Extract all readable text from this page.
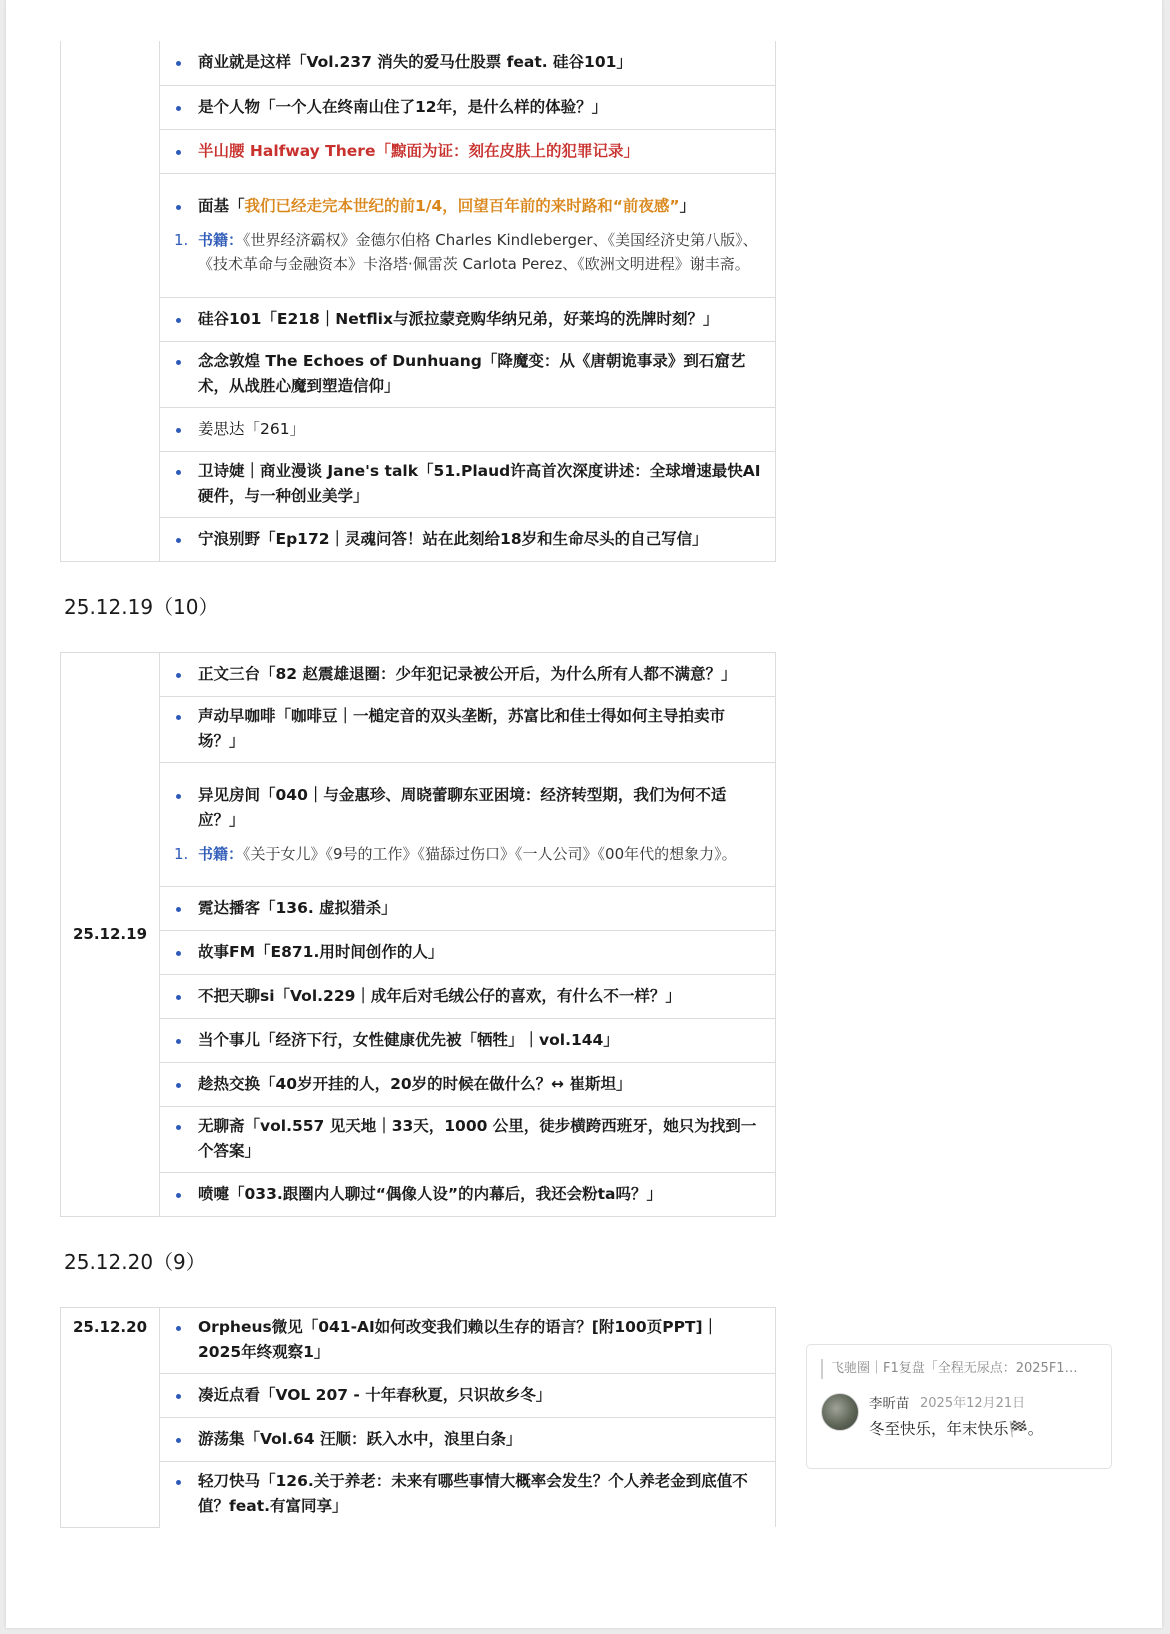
商业就是这样「Vol.237 消失的爱马仕股票 feat. 硅谷101」

是个人物「一个人在终南山住了12年，是什么样的体验？」

半山腰 Halfway There「黥面为证：刻在皮肤上的犯罪记录」

面基「我们已经走完本世纪的前1/4，回望百年前的来时路和“前夜感”」
1. 书籍：《世界经济霸权》金德尔伯格 Charles Kindleberger、《美国经济史第八版》、《技术革命与金融资本》卡洛塔·佩雷茨 Carlota Perez、《欧洲文明进程》谢丰斋。

硅谷101「E218｜Netflix与派拉蒙竞购华纳兄弟，好莱坞的洗牌时刻？」

念念敦煌 The Echoes of Dunhuang「降魔变：从《唐朝诡事录》到石窟艺术，从战胜心魔到塑造信仰」

姜思达「261」

卫诗婕｜商业漫谈 Jane's talk「51.Plaud许高首次深度讲述：全球增速最快AI硬件，与一种创业美学」

宁浪别野「Ep172｜灵魂问答！站在此刻给18岁和生命尽头的自己写信」
25.12.19（10）
25.12.19	
正文三台「82 赵震雄退圈：少年犯记录被公开后，为什么所有人都不满意？」

声动早咖啡「咖啡豆｜一槌定音的双头垄断，苏富比和佳士得如何主导拍卖市场？」

异见房间「040｜与金惠珍、周晓蕾聊东亚困境：经济转型期，我们为何不适应？」
1. 书籍：《关于女儿》《9号的工作》《猫舔过伤口》《一人公司》《00年代的想象力》。

霓达播客「136. 虚拟猎杀」

故事FM「E871.用时间创作的人」

不把天聊si「Vol.229｜成年后对毛绒公仔的喜欢，有什么不一样？」

当个事儿「经济下行，女性健康优先被「牺牲」｜vol.144」

趁热交换「40岁开挂的人，20岁的时候在做什么？↔ 崔斯坦」

无聊斋「vol.557 见天地｜33天，1000 公里，徒步横跨西班牙，她只为找到一个答案」

喷嚏「033.跟圈内人聊过“偶像人设”的内幕后，我还会粉ta吗？」
25.12.20（9）
25.12.20	Orpheus微见「041-AI如何改变我们赖以生存的语言？[附100页PPT]｜2025年终观察1」

凑近点看「VOL 207 - 十年春秋夏，只识故乡冬」

游荡集「Vol.64 汪顺：跃入水中，浪里白条」

轻刀快马「126.关于养老：未来有哪些事情大概率会发生？个人养老金到底值不值？feat.有富同享」
飞驰圈｜F1复盘「全程无尿点：2025F1…
李昕苗 2025年12月21日
冬至快乐，年末快乐🏁。
